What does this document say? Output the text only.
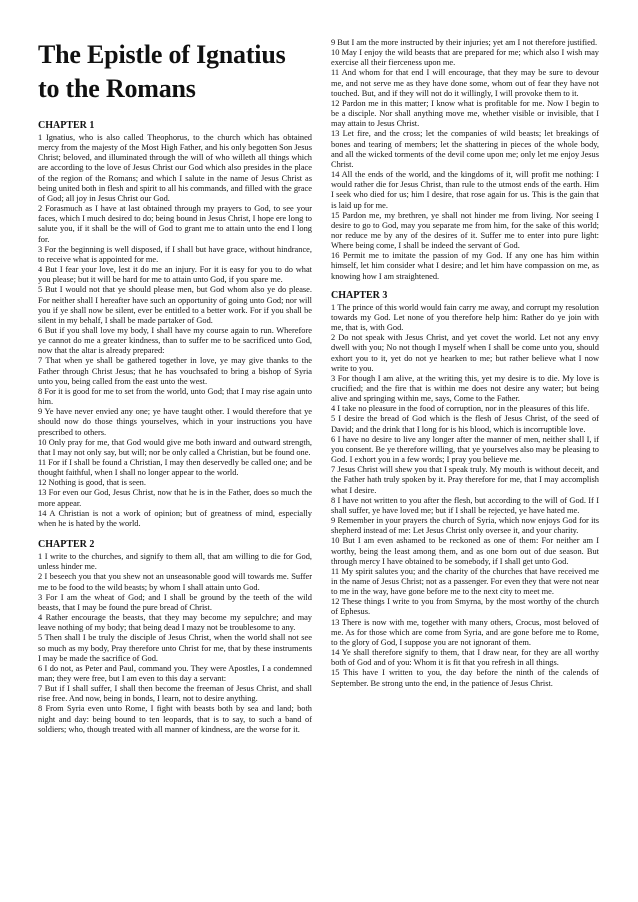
The Epistle of Ignatius to the Romans
CHAPTER 1

1 Ignatius, who is also called Theophorus, to the church which has obtained mercy from the majesty of the Most High Father, and his only begotten Son Jesus Christ; beloved, and illuminated through the will of who willeth all things which are according to the love of Jesus Christ our God which also presides in the place of the region of the Romans; and which I salute in the name of Jesus Christ as being united both in flesh and spirit to all his commands, and filled with the grace of God; all joy in Jesus Christ our God.

2 Forasmuch as I have at last obtained through my prayers to God, to see your faces, which I much desired to do; being bound in Jesus Christ, I hope ere long to salute you, if it shall be the will of God to grant me to attain unto the end I long for.

3 For the beginning is well disposed, if I shall but have grace, without hindrance, to receive what is appointed for me.

4 But I fear your love, lest it do me an injury. For it is easy for you to do what you please; but it will be hard for me to attain unto God, if you spare me.

5 But I would not that ye should please men, but God whom also ye do please. For neither shall I hereafter have such an opportunity of going unto God; nor will you if ye shall now be silent, ever be entitled to a better work. For if you shall be silent in my behalf, I shall be made partaker of God.

6 But if you shall love my body, I shall have my course again to run. Wherefore ye cannot do me a greater kindness, than to suffer me to be sacrificed unto God, now that the altar is already prepared:

7 That when ye shall be gathered together in love, ye may give thanks to the Father through Christ Jesus; that he has vouchsafed to bring a bishop of Syria unto you, being called from the east unto the west.

8 For it is good for me to set from the world, unto God; that I may rise again unto him.

9 Ye have never envied any one; ye have taught other. I would therefore that ye should now do those things yourselves, which in your instructions you have prescribed to others.

10 Only pray for me, that God would give me both inward and outward strength, that I may not only say, but will; nor be only called a Christian, but be found one.

11 For if I shall be found a Christian, I may then deservedly be called one; and be thought faithful, when I shall no longer appear to the world.

12 Nothing is good, that is seen.

13 For even our God, Jesus Christ, now that he is in the Father, does so much the more appear.

14 A Christian is not a work of opinion; but of greatness of mind, especially when he is hated by the world.

CHAPTER 2

1 I write to the churches, and signify to them all, that am willing to die for God, unless hinder me.

2 I beseech you that you shew not an unseasonable good will towards me. Suffer me to be food to the wild beasts; by whom I shall attain unto God.

3 For I am the wheat of God; and I shall be ground by the teeth of the wild beasts, that I may be found the pure bread of Christ.

4 Rather encourage the beasts, that they may become my sepulchre; and may leave nothing of my body; that being dead I mazy not be troublesome to any.

5 Then shall I be truly the disciple of Jesus Christ, when the world shall not see so much as my body, Pray therefore unto Christ for me, that by these instruments I may be made the sacrifice of God.

6 I do not, as Peter and Paul, command you. They were Apostles, I a condemned man; they were free, but I am even to this day a servant:

7 But if I shall suffer, I shall then become the freeman of Jesus Christ, and shall rise free. And now, being in bonds, I learn, not to desire anything.

8 From Syria even unto Rome, I fight with beasts both by sea and land; both night and day: being bound to ten leopards, that is to say, to such a band of soldiers; who, though treated with all manner of kindness, are the worse for it.

9 But I am the more instructed by their injuries; yet am I not therefore justified.

10 May I enjoy the wild beasts that are prepared for me; which also I wish may exercise all their fierceness upon me.

11 And whom for that end I will encourage, that they may be sure to devour me, and not serve me as they have done some, whom out of fear they have not touched. But, and if they will not do it willingly, I will provoke them to it.

12 Pardon me in this matter; I know what is profitable for me. Now I begin to be a disciple. Nor shall anything move me, whether visible or invisible, that I may attain to Jesus Christ.

13 Let fire, and the cross; let the companies of wild beasts; let breakings of bones and tearing of members; let the shattering in pieces of the whole body, and all the wicked torments of the devil come upon me; only let me enjoy Jesus Christ.

14 All the ends of the world, and the kingdoms of it, will profit me nothing: I would rather die for Jesus Christ, than rule to the utmost ends of the earth. Him I seek who died for us; him I desire, that rose again for us. This is the gain that is laid up for me.

15 Pardon me, my brethren, ye shall not hinder me from living. Nor seeing I desire to go to God, may you separate me from him, for the sake of this world; nor reduce me by any of the desires of it. Suffer me to enter into pure light: Where being come, I shall be indeed the servant of God.

16 Permit me to imitate the passion of my God. If any one has him within himself, let him consider what I desire; and let him have compassion on me, as knowing how I am straightened.

CHAPTER 3

1 The prince of this world would fain carry me away, and corrupt my resolution towards my God. Let none of you therefore help him: Rather do ye join with me, that is, with God.

2 Do not speak with Jesus Christ, and yet covet the world. Let not any envy dwell with you; No not though I myself when I shall be come unto you, should exhort you to it, yet do not ye hearken to me; but rather believe what I now write to you.

3 For though I am alive, at the writing this, yet my desire is to die. My love is crucified; and the fire that is within me does not desire any water; but being alive and springing within me, says, Come to the Father.

4 I take no pleasure in the food of corruption, nor in the pleasures of this life.

5 I desire the bread of God which is the flesh of Jesus Christ, of the seed of David; and the drink that I long for is his blood, which is incorruptible love.

6 I have no desire to live any longer after the manner of men, neither shall I, if you consent. Be ye therefore willing, that ye yourselves also may be pleasing to God. I exhort you in a few words; I pray you believe me.

7 Jesus Christ will shew you that I speak truly. My mouth is without deceit, and the Father hath truly spoken by it. Pray therefore for me, that I may accomplish what I desire.

8 I have not written to you after the flesh, but according to the will of God. If I shall suffer, ye have loved me; but if I shall be rejected, ye have hated me.

9 Remember in your prayers the church of Syria, which now enjoys God for its shepherd instead of me: Let Jesus Christ only oversee it, and your charity.

10 But I am even ashamed to be reckoned as one of them: For neither am I worthy, being the least among them, and as one born out of due season. But through mercy I have obtained to be somebody, if I shall get unto God.

11 My spirit salutes you; and the charity of the churches that have received me in the name of Jesus Christ; not as a passenger. For even they that were not near to me in the way, have gone before me to the next city to meet me.

12 These things I write to you from Smyrna, by the most worthy of the church of Ephesus.

13 There is now with me, together with many others, Crocus, most beloved of me. As for those which are come from Syria, and are gone before me to Rome, to the glory of God, I suppose you are not ignorant of them.

14 Ye shall therefore signify to them, that I draw near, for they are all worthy both of God and of you: Whom it is fit that you refresh in all things.

15 This have I written to you, the day before the ninth of the calends of September. Be strong unto the end, in the patience of Jesus Christ.
